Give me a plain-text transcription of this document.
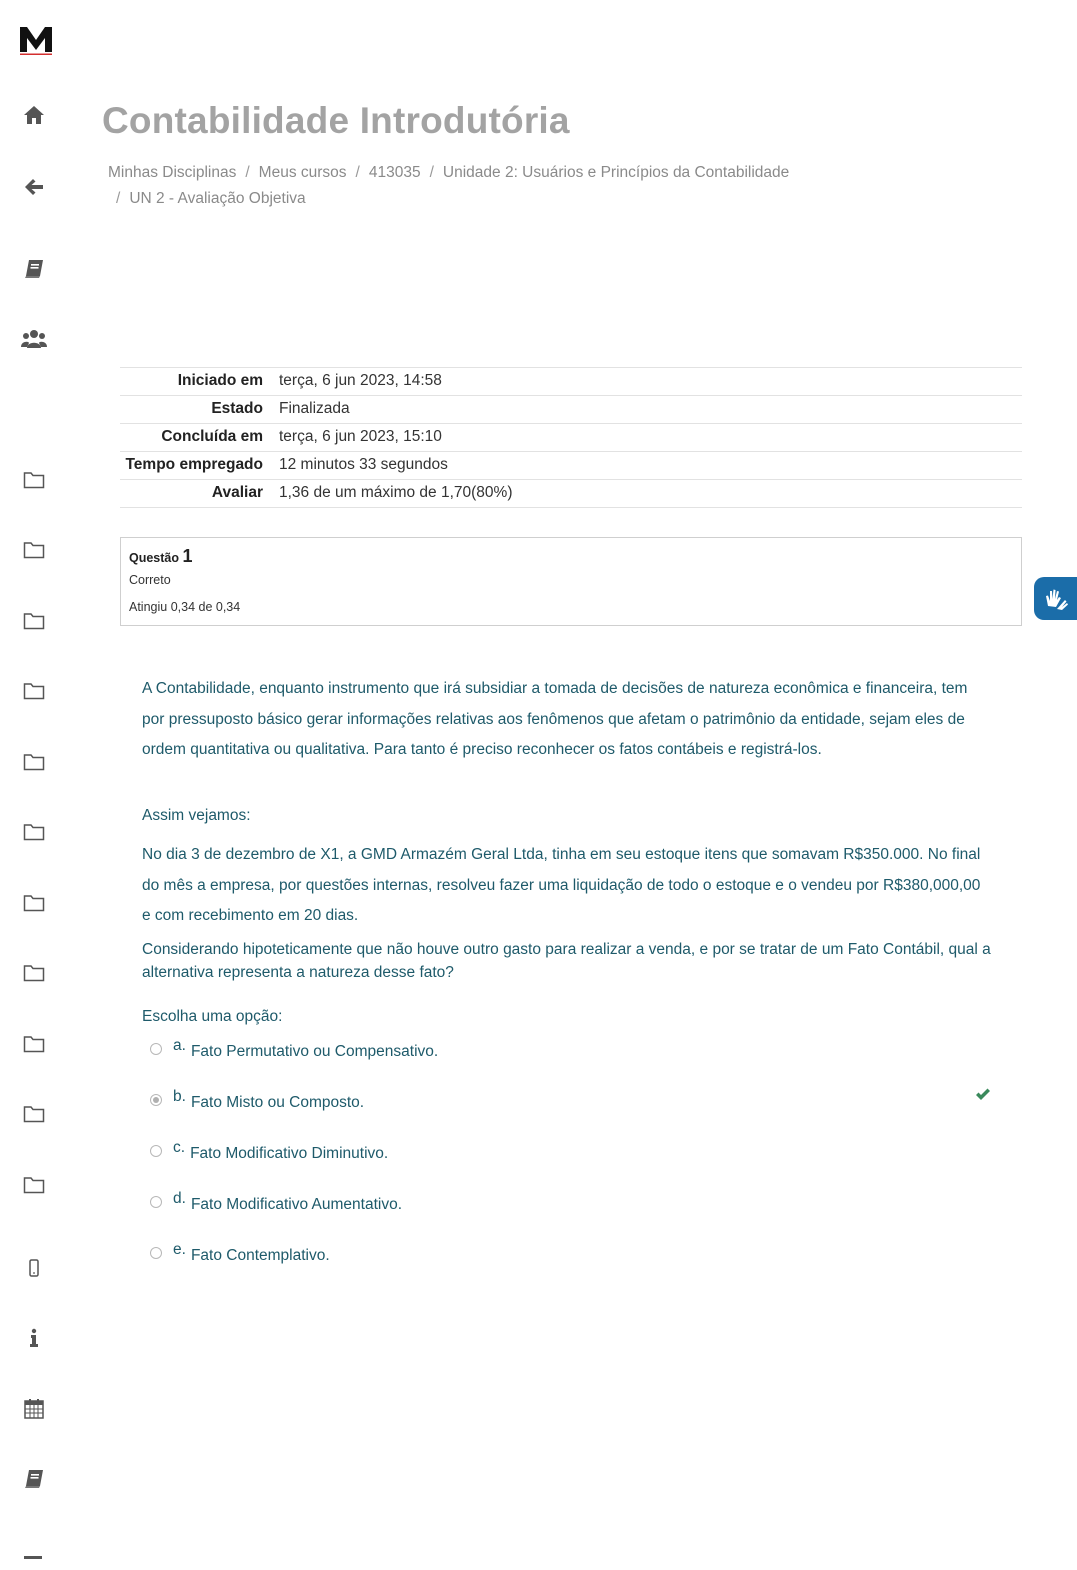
Contabilidade Introdutória
Minhas Disciplinas / Meus cursos / 413035 / Unidade 2: Usuários e Princípios da Contabilidade
/ UN 2 - Avaliação Objetiva
Iniciado em	terça, 6 jun 2023, 14:58
Estado	Finalizada
Concluída em	terça, 6 jun 2023, 15:10
Tempo empregado	12 minutos 33 segundos
Avaliar	1,36 de um máximo de 1,70(80%)
Questão 1
Correto
Atingiu 0,34 de 0,34

A Contabilidade, enquanto instrumento que irá subsidiar a tomada de decisões de natureza econômica e financeira, tem por pressuposto básico gerar informações relativas aos fenômenos que afetam o patrimônio da entidade, sejam eles de ordem quantitativa ou qualitativa. Para tanto é preciso reconhecer os fatos contábeis e registrá-los.

Assim vejamos:

No dia 3 de dezembro de X1, a GMD Armazém Geral Ltda, tinha em seu estoque itens que somavam R$350.000. No final do mês a empresa, por questões internas, resolveu fazer uma liquidação de todo o estoque e o vendeu por R$380,000,00 e com recebimento em 20 dias.

Considerando hipoteticamente que não houve outro gasto para realizar a venda, e por se tratar de um Fato Contábil, qual a alternativa representa a natureza desse fato?

Escolha uma opção:
a. Fato Permutativo ou Compensativo.
b. Fato Misto ou Composto.
c. Fato Modificativo Diminutivo.
d. Fato Modificativo Aumentativo.
e. Fato Contemplativo.
